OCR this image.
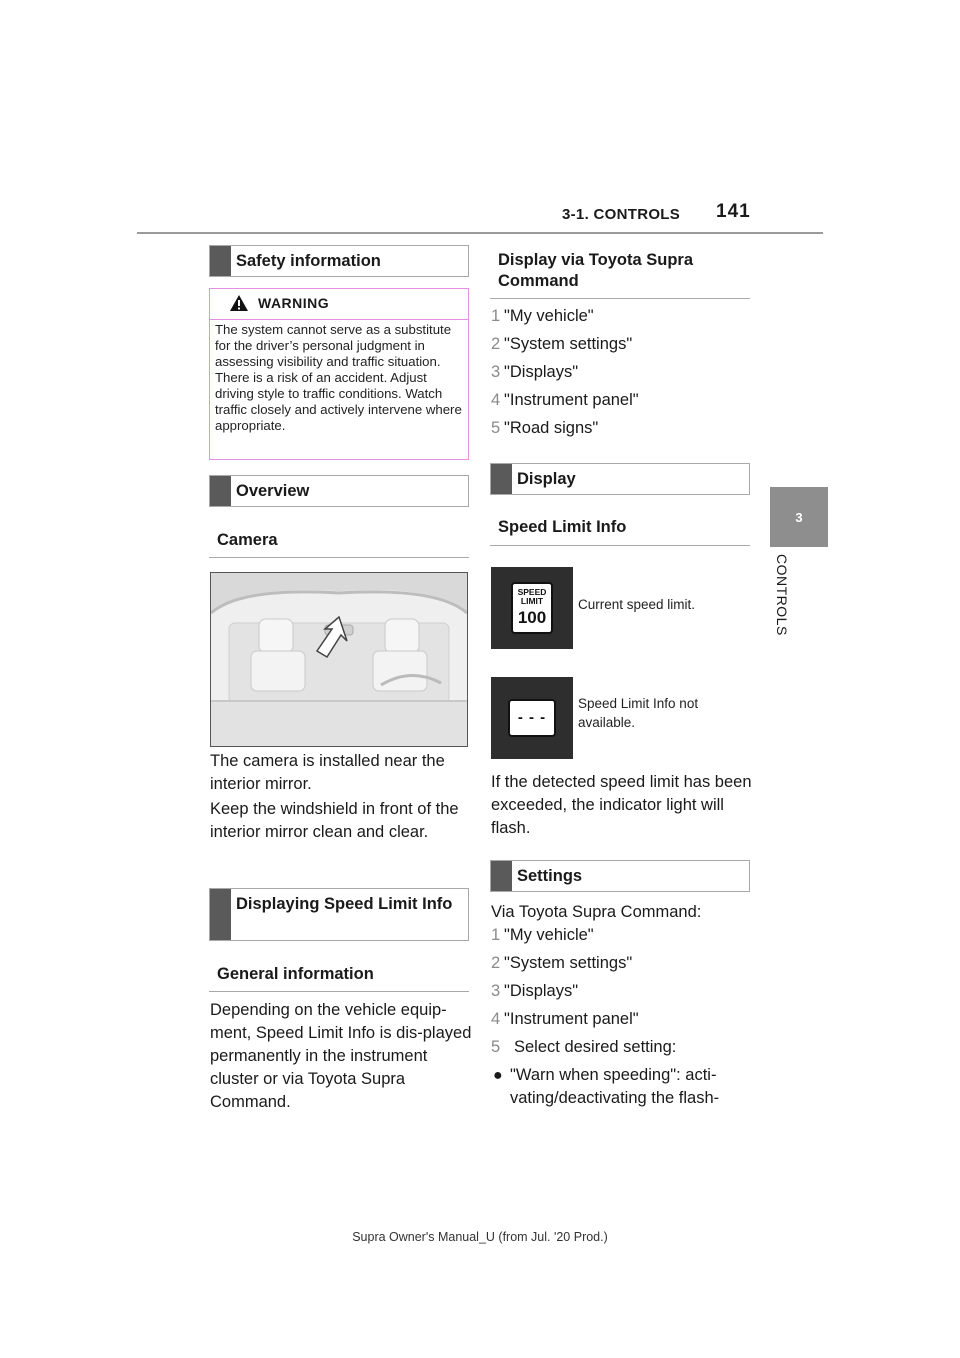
3-1. CONTROLS 141
3
CONTROLS
Safety information
WARNING
The system cannot serve as a substitute for the driver’s personal judgment in assessing visibility and traffic situation. There is a risk of an accident. Adjust driving style to traffic conditions. Watch traffic closely and actively intervene where appropriate.
Overview
Camera
The camera is installed near the interior mirror.
Keep the windshield in front of the interior mirror clean and clear.
Displaying Speed Limit Info
General information
Depending on the vehicle equip-ment, Speed Limit Info is dis-played permanently in the instrument cluster or via Toyota Supra Command.
Display via Toyota Supra Command
1 "My vehicle"
2 "System settings"
3 "Displays"
4 "Instrument panel"
5 "Road signs"
Display
Speed Limit Info
SPEED
LIMIT
100
Current speed limit.
- - -
Speed Limit Info not available.
If the detected speed limit has been exceeded, the indicator light will flash.
Settings
Via Toyota Supra Command:
1 "My vehicle"
2 "System settings"
3 "Displays"
4 "Instrument panel"
5 Select desired setting:
● "Warn when speeding": acti-vating/deactivating the flash-
Supra Owner's Manual_U (from Jul. '20 Prod.)
